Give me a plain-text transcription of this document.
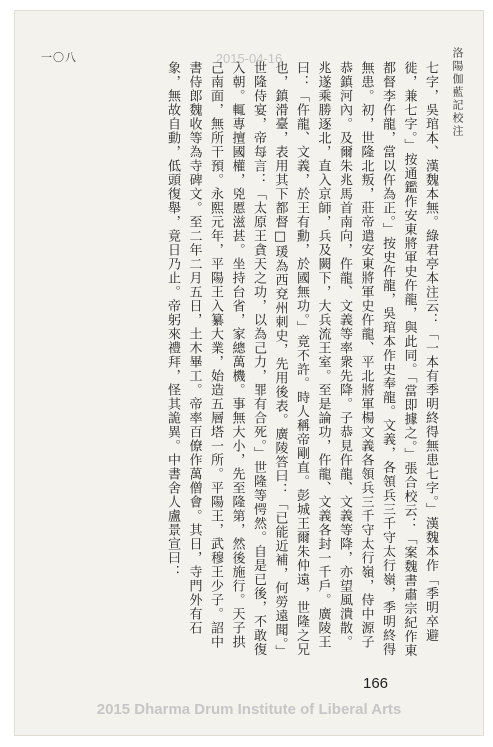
洛陽伽藍記校注
一〇八	2015-04-16

七字，吳琯本、漢魏本無。綠君亭本注云：「一本有季明終得無患七字。」漢魏本作「季明卒避徙，兼七字。」按通鑑作安東將軍史仵龍，與此同。「當即據之。」張合校云：「案魏書肅宗紀作東都督李仵龍，當以仵為正。」按史仵龍，吳琯本作史奉龍。文義，各領兵三千守太行嶺，季明終得無患。初，世隆北叛，莊帝遣安東將軍史仵龍、平北將軍楊文義各領兵三千守太行嶺，侍中源子恭鎮河內。及爾朱兆馬首南向，仵龍、文義等率衆先降。子恭見仵龍、文義等降，亦望風潰散。兆遂乘勝逐北，直入京師，兵及闕下，大兵流王室。至是論功，仵龍、文義各封一千戶。廣陵王曰：「仵龍、文義，於王有勳，於國無功。」竟不許。時人稱帝剛直。彭城王爾朱仲遠，世隆之兄也，鎮滑臺，表用其下都督□瑗為西兗州刺史，先用後表。廣陵答曰：「已能近補，何勞遠聞。」世隆侍宴，帝每言：「太原王貪天之功，以為己力，罪有合死。」世隆等愕然。自是已後，不敢復入朝。輒專擅國權，兇慝滋甚。坐持台省，家總萬機。事無大小，先至隆第，然後施行。天子拱己南面，無所干預。永熙元年，平陽王入纂大業，始造五層塔一所。平陽王，武穆王少子。詔中書侍郎魏收等為寺碑文。至二年二月五日，土木畢工。帝率百僚作萬僧會。其日，寺門外有石象，無故自動，低頭復舉，竟日乃止。帝躬來禮拜，怪其詭異。中書舍人盧景宣曰：

166
2015 Dharma Drum Institute of Liberal Arts
